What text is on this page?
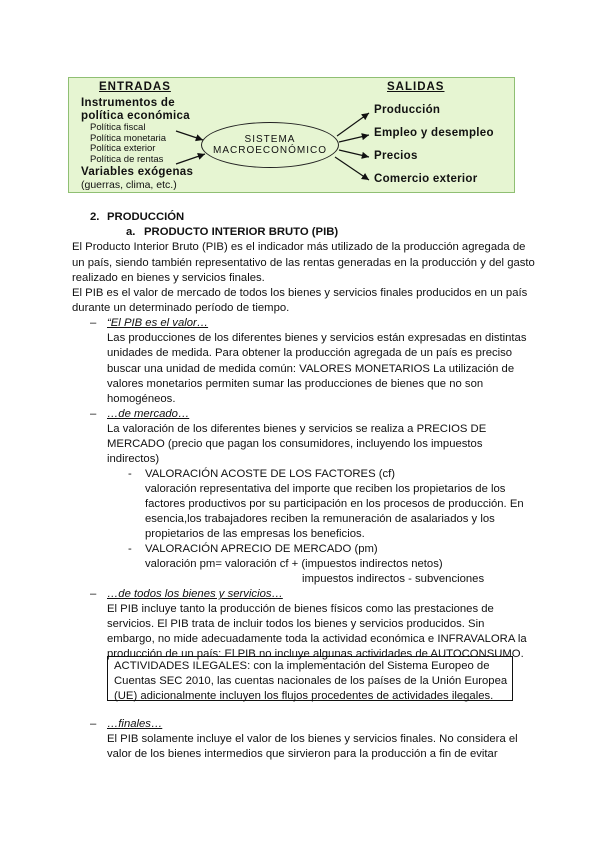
ENTRADAS	SALIDAS
Instrumentos de
política económica
Política fiscal
Política monetaria
Política exterior
Política de rentas
Variables exógenas
(guerras, clima, etc.)
SISTEMA
MACROECONÓMICO
Producción
Empleo y desempleo
Precios
Comercio exterior
2. PRODUCCIÓN
a. PRODUCTO INTERIOR BRUTO (PIB)
El Producto Interior Bruto (PIB) es el indicador más utilizado de la producción agregada de
un país, siendo también representativo de las rentas generadas en la producción y del gasto
realizado en bienes y servicios finales.
El PIB es el valor de mercado de todos los bienes y servicios finales producidos en un país
durante un determinado período de tiempo.
– “El PIB es el valor…
Las producciones de los diferentes bienes y servicios están expresadas en distintas
unidades de medida. Para obtener la producción agregada de un país es preciso
buscar una unidad de medida común: VALORES MONETARIOS La utilización de
valores monetarios permiten sumar las producciones de bienes que no son
homogéneos.
– …de mercado…
La valoración de los diferentes bienes y servicios se realiza a PRECIOS DE
MERCADO (precio que pagan los consumidores, incluyendo los impuestos
indirectos)
- VALORACIÓN ACOSTE DE LOS FACTORES (cf)
valoración representativa del importe que reciben los propietarios de los
factores productivos por su participación en los procesos de producción. En
esencia,los trabajadores reciben la remuneración de asalariados y los
propietarios de las empresas los beneficios.
- VALORACIÓN APRECIO DE MERCADO (pm)
valoración pm= valoración cf + (impuestos indirectos netos)
impuestos indirectos - subvenciones
– …de todos los bienes y servicios…
El PIB incluye tanto la producción de bienes físicos como las prestaciones de
servicios. El PIB trata de incluir todos los bienes y servicios producidos. Sin
embargo, no mide adecuadamente toda la actividad económica e INFRAVALORA la
producción de un país: El PIB no incluye algunas actividades de AUTOCONSUMO.
ACTIVIDADES ILEGALES: con la implementación del Sistema Europeo de
Cuentas SEC 2010, las cuentas nacionales de los países de la Unión Europea
(UE) adicionalmente incluyen los flujos procedentes de actividades ilegales.
– …finales…
El PIB solamente incluye el valor de los bienes y servicios finales. No considera el
valor de los bienes intermedios que sirvieron para la producción a fin de evitar
